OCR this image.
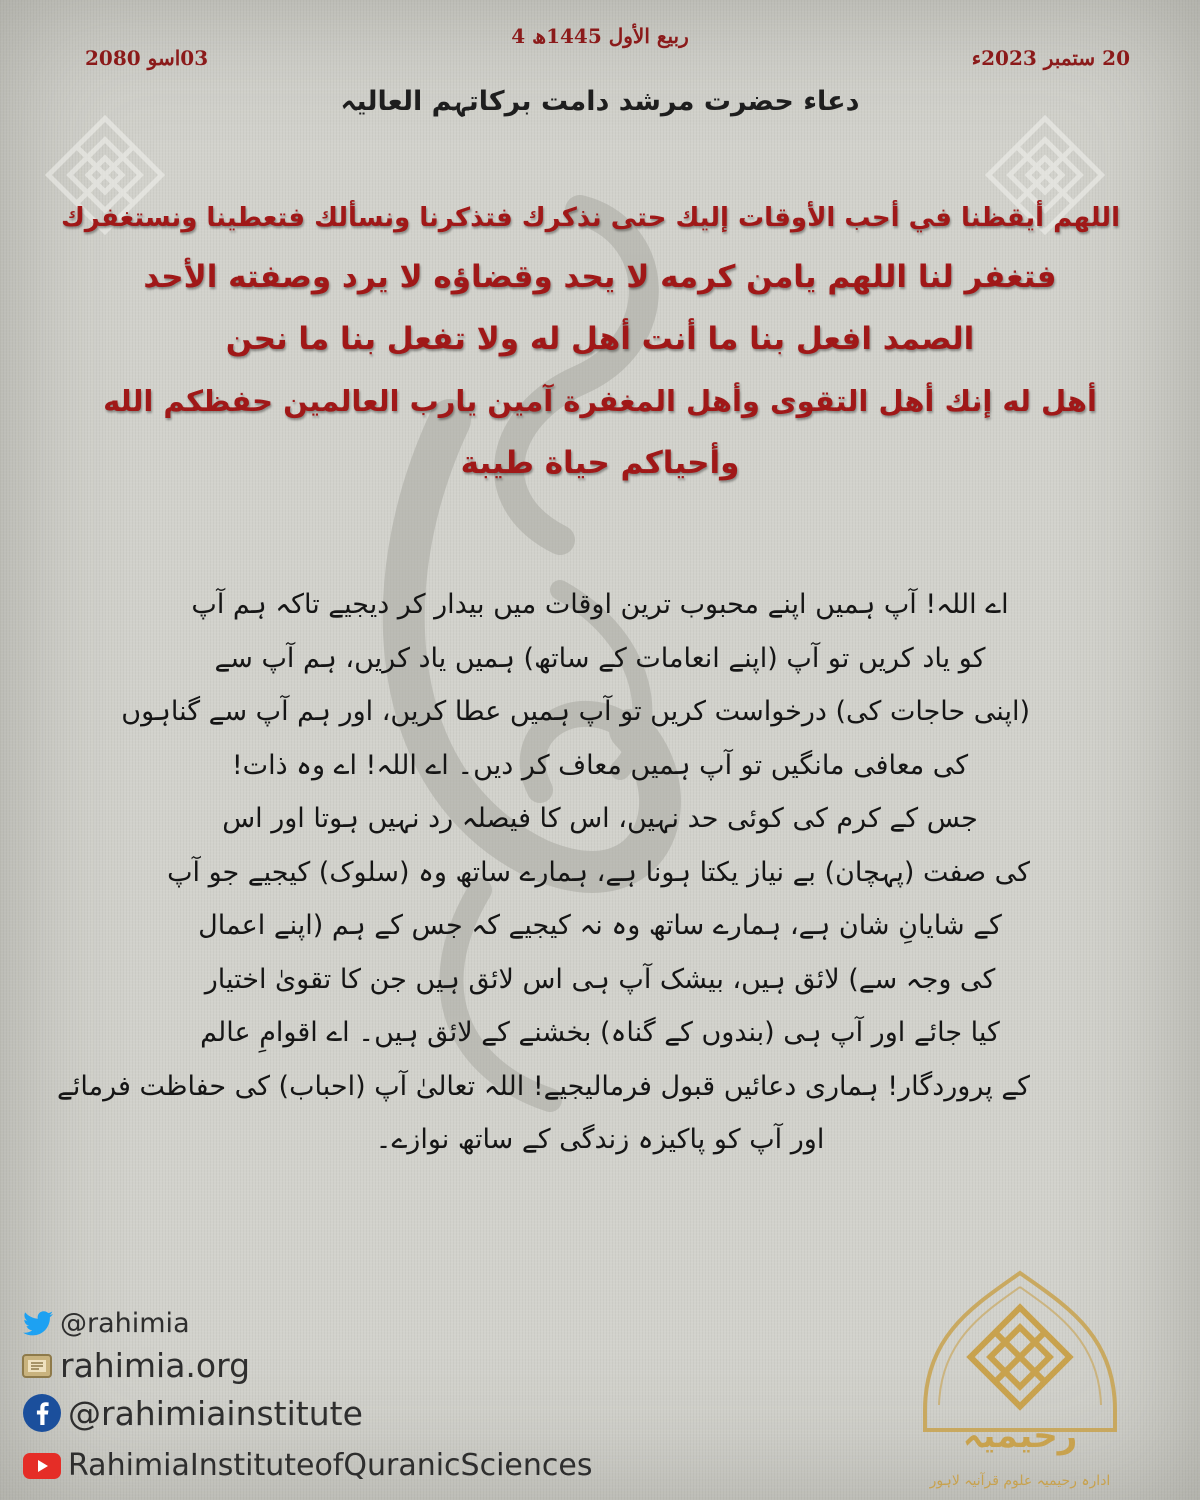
4 ربیع الأول 1445ھ
20 ستمبر 2023ء
03اسو 2080
دعاء حضرت مرشد دامت برکاتہم العالیہ
اللهم أيقظنا في أحب الأوقات إليك حتى نذكرك فتذكرنا ونسألك فتعطينا ونستغفرك
فتغفر لنا اللهم يامن كرمه لا يحد وقضاؤه لا يرد وصفته الأحد
الصمد افعل بنا ما أنت أهل له ولا تفعل بنا ما نحن
أهل له إنك أهل التقوى وأهل المغفرة آمين يارب العالمين حفظكم الله
وأحياكم حياة طيبة
اے اللہ! آپ ہمیں اپنے محبوب ترین اوقات میں بیدار کر دیجیے تاکہ ہم آپ
کو یاد کریں تو آپ (اپنے انعامات کے ساتھ) ہمیں یاد کریں، ہم آپ سے
(اپنی حاجات کی) درخواست کریں تو آپ ہمیں عطا کریں، اور ہم آپ سے گناہوں
کی معافی مانگیں تو آپ ہمیں معاف کر دیں۔ اے اللہ! اے وہ ذات!
جس کے کرم کی کوئی حد نہیں، اس کا فیصلہ رد نہیں ہوتا اور اس
کی صفت (پہچان) بے نیاز یکتا ہونا ہے، ہمارے ساتھ وہ (سلوک) کیجیے جو آپ
کے شایانِ شان ہے، ہمارے ساتھ وہ نہ کیجیے کہ جس کے ہم (اپنے اعمال
کی وجہ سے) لائق ہیں، بیشک آپ ہی اس لائق ہیں جن کا تقویٰ اختیار
کیا جائے اور آپ ہی (بندوں کے گناہ) بخشنے کے لائق ہیں۔ اے اقوامِ عالم
کے پروردگار! ہماری دعائیں قبول فرمالیجیے! اللہ تعالیٰ آپ (احباب) کی حفاظت فرمائے
اور آپ کو پاکیزہ زندگی کے ساتھ نوازے۔
@rahimia
rahimia.org
@rahimiainstitute
RahimiaInstituteofQuranicSciences
رحیمیہ
ادارہ رحیمیہ علوم قرآنیہ لاہور
